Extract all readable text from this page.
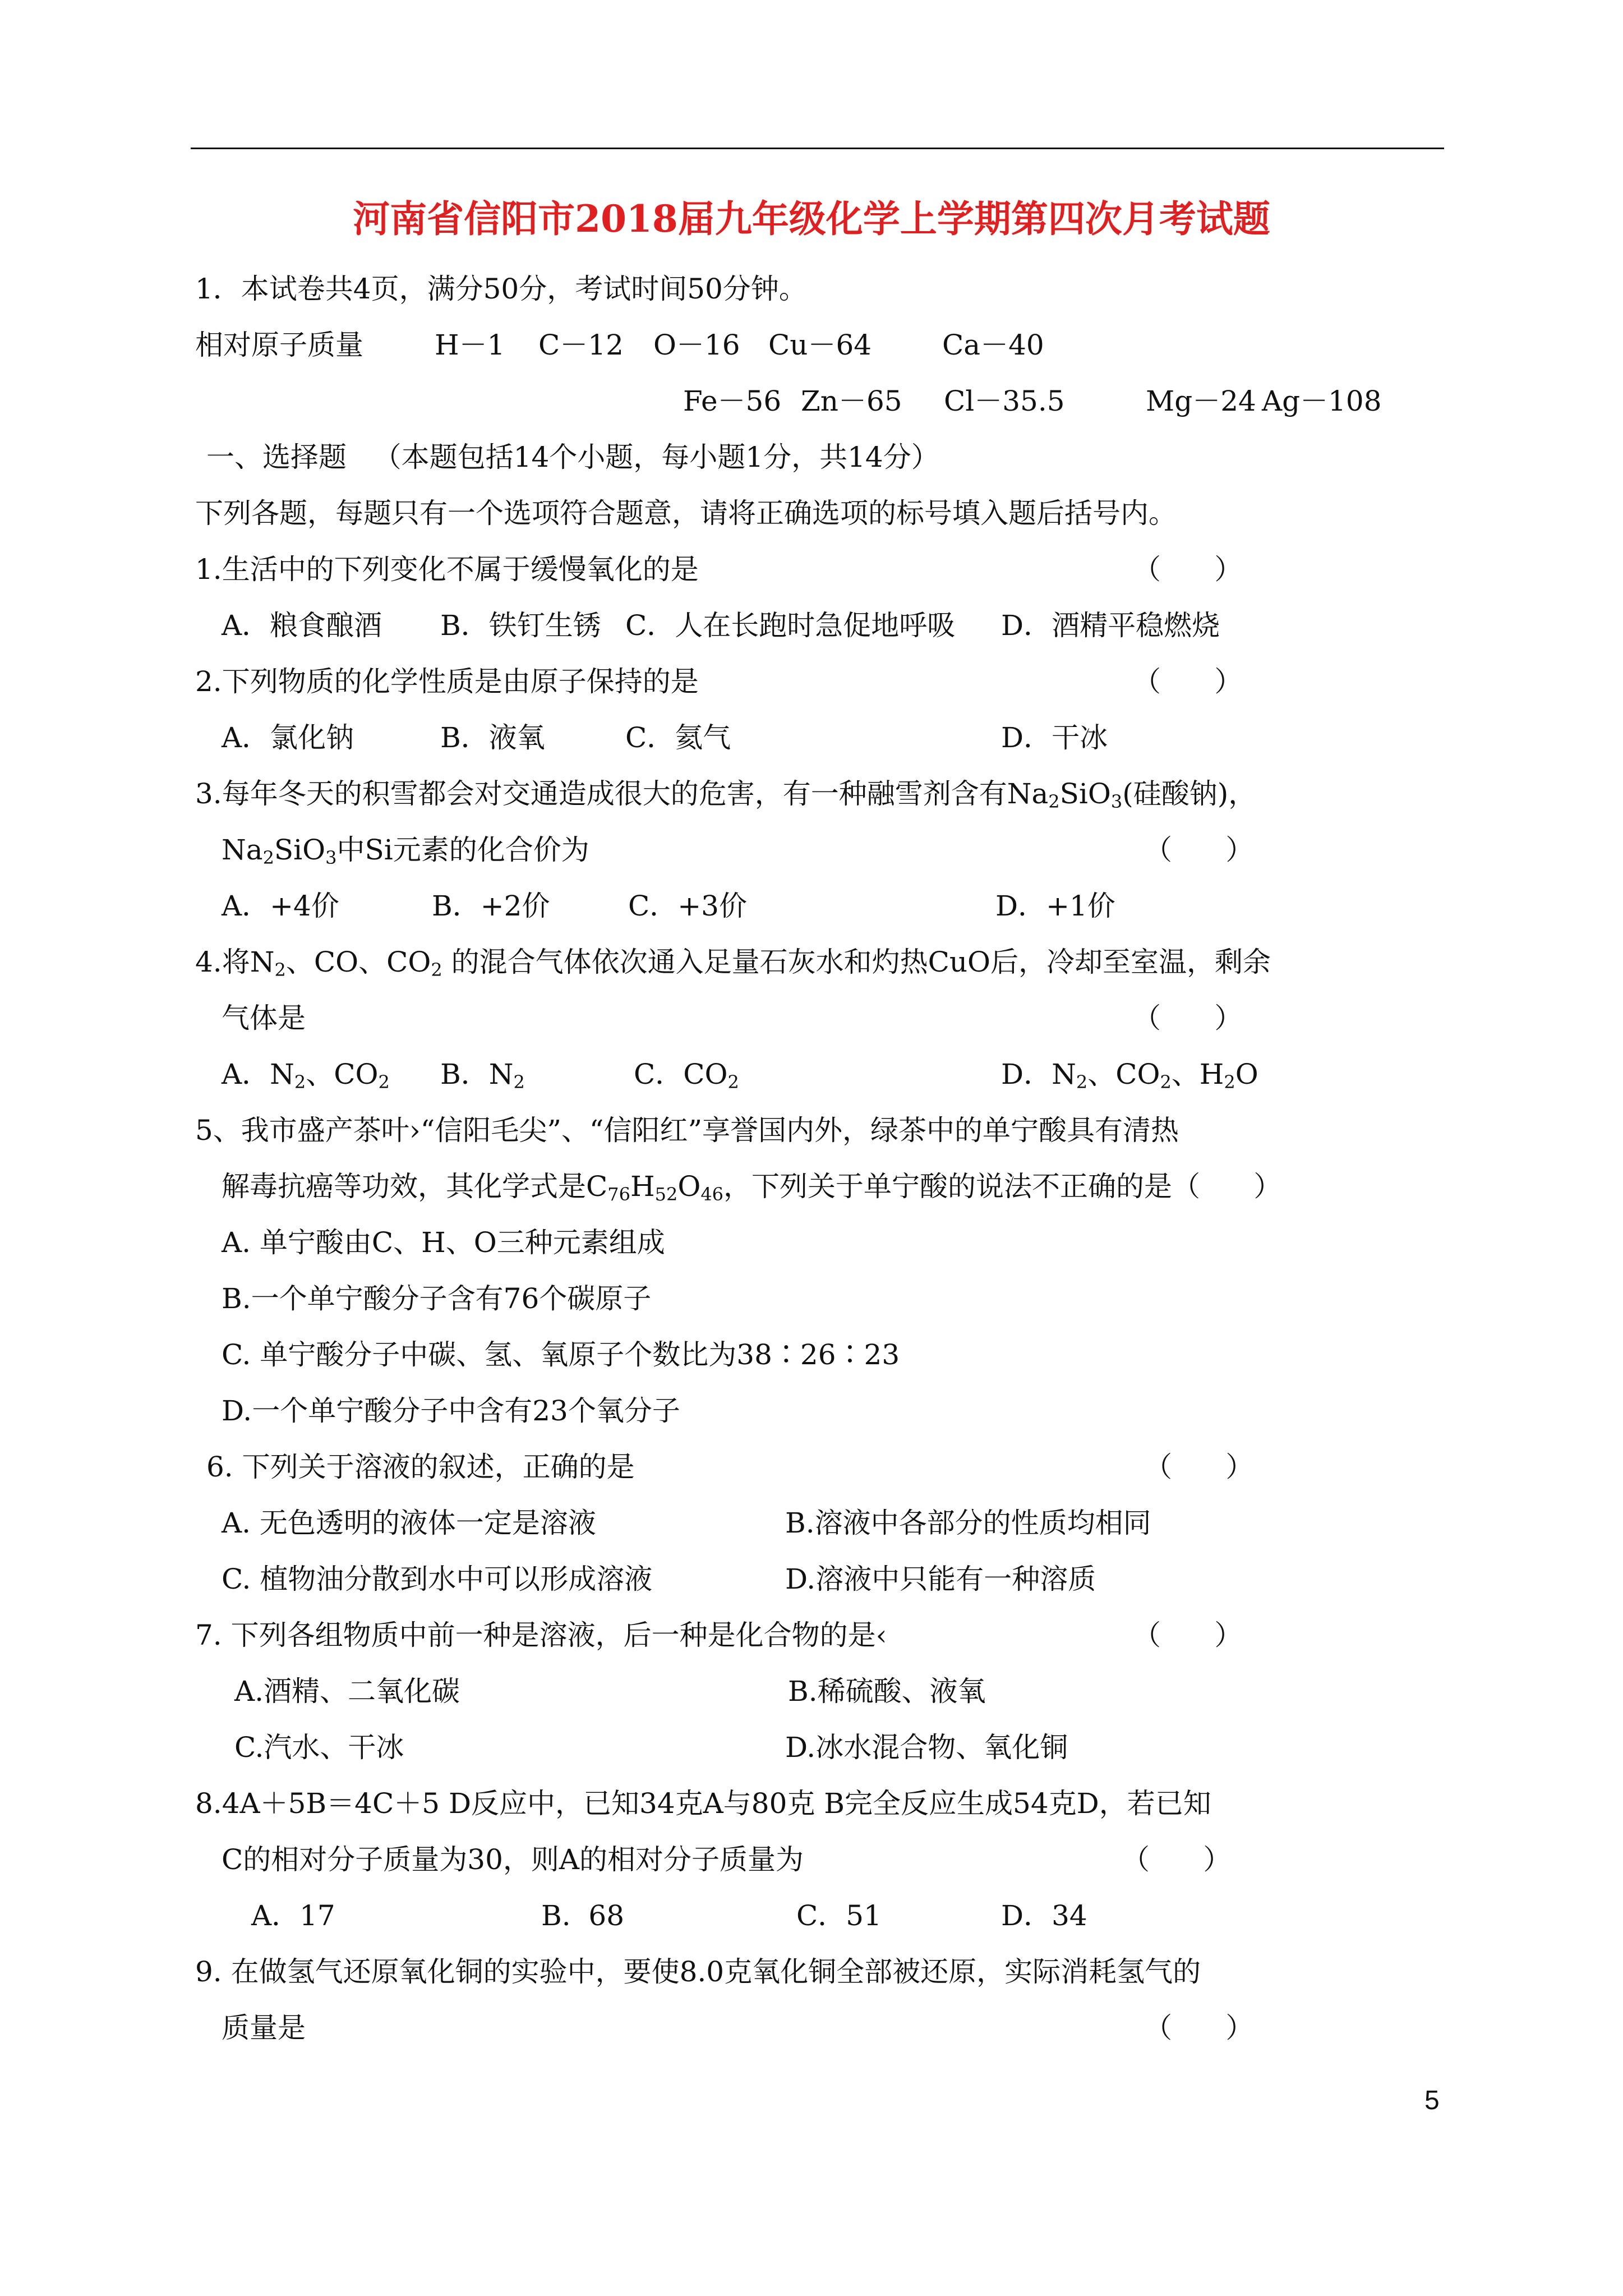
河南省信阳市2018届九年级化学上学期第四次月考试题
1．本试卷共4页，满分50分，考试时间50分钟。
相对原子质量	H－1 C－12 O－16 Cu－64	Ca－40
Fe－56 Zn－65 Cl－35.5	Mg－24 Ag－108
一、选择题   （本题包括14个小题，每小题1分，共14分）
下列各题，每题只有一个选项符合题意，请将正确选项的标号填入题后括号内。
1.生活中的下列变化不属于缓慢氧化的是	（      ）
A．粮食酿酒 B．铁钉生锈 C．人在长跑时急促地呼吸 D．酒精平稳燃烧
2.下列物质的化学性质是由原子保持的是	（      ）
A．氯化钠	B．液氧	C．氦气	D．干冰
3.每年冬天的积雪都会对交通造成很大的危害，有一种融雪剂含有$Na_2SiO_3$(硅酸钠)，
$Na_2SiO_3$中Si元素的化合价为	（      ）
A．+4价	B．+2价	C．+3价	D．+1价
4.将$N_2$、CO、$CO_2$ 的混合气体依次通入足量石灰水和灼热CuO后，冷却至室温，剩余
气体是	（      ）
A．$N_2$、$CO_2$ B．$N_2$	C．$CO_2$	D．$N_2$、$CO_2$、$H_2O$
5、我市盛产茶叶›“信阳毛尖”、“信阳红”享誉国内外，绿茶中的单宁酸具有清热
解毒抗癌等功效，其化学式是$C_{76}H_{52}O_{46}$，下列关于单宁酸的说法不正确的是（      ）
A. 单宁酸由C、H、O三种元素组成
B.一个单宁酸分子含有76个碳原子
C. 单宁酸分子中碳、氢、氧原子个数比为38∶26∶23
D.一个单宁酸分子中含有23个氧分子
6. 下列关于溶液的叙述，正确的是	（      ）
A. 无色透明的液体一定是溶液	B.溶液中各部分的性质均相同
C. 植物油分散到水中可以形成溶液	D.溶液中只能有一种溶质
7. 下列各组物质中前一种是溶液，后一种是化合物的是‹	（      ）
A.酒精、二氧化碳	B.稀硫酸、液氧
C.汽水、干冰	D.冰水混合物、氧化铜
8.4A＋5B＝4C＋5 D反应中，已知34克A与80克 B完全反应生成54克D，若已知
C的相对分子质量为30，则A的相对分子质量为	（      ）
A．17	B.  68	C．51	D．34
9. 在做氢气还原氧化铜的实验中，要使8.0克氧化铜全部被还原，实际消耗氢气的
质量是	（      ）
5
